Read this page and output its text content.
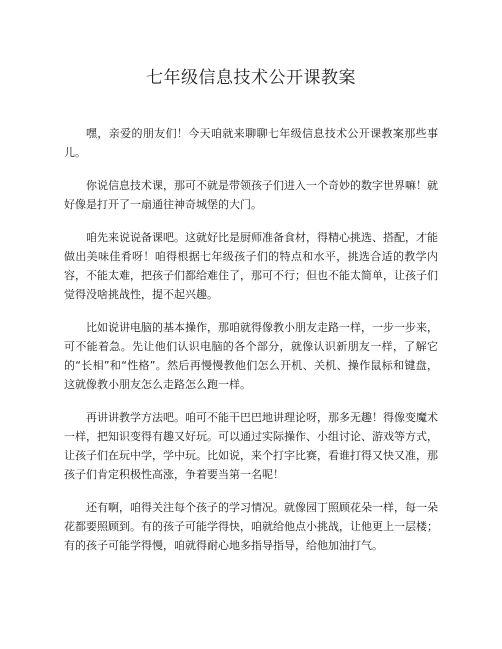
七年级信息技术公开课教案

嘿，亲爱的朋友们！今天咱就来聊聊七年级信息技术公开课教案那些事儿。

你说信息技术课，那可不就是带领孩子们进入一个奇妙的数字世界嘛！就好像是打开了一扇通往神奇城堡的大门。

咱先来说说备课吧。这就好比是厨师准备食材，得精心挑选、搭配，才能做出美味佳肴呀！咱得根据七年级孩子们的特点和水平，挑选合适的教学内容，不能太难，把孩子们都给难住了，那可不行；但也不能太简单，让孩子们觉得没啥挑战性，提不起兴趣。

比如说讲电脑的基本操作，那咱就得像教小朋友走路一样，一步一步来，可不能着急。先让他们认识电脑的各个部分，就像认识新朋友一样，了解它的“长相”和“性格”。然后再慢慢教他们怎么开机、关机、操作鼠标和键盘，这就像教小朋友怎么走路怎么跑一样。

再讲讲教学方法吧。咱可不能干巴巴地讲理论呀，那多无趣！得像变魔术一样，把知识变得有趣又好玩。可以通过实际操作、小组讨论、游戏等方式，让孩子们在玩中学，学中玩。比如说，来个打字比赛，看谁打得又快又准，那孩子们肯定积极性高涨，争着要当第一名呢！

还有啊，咱得关注每个孩子的学习情况。就像园丁照顾花朵一样，每一朵花都要照顾到。有的孩子可能学得快，咱就给他点小挑战，让他更上一层楼；有的孩子可能学得慢，咱就得耐心地多指导指导，给他加油打气。
